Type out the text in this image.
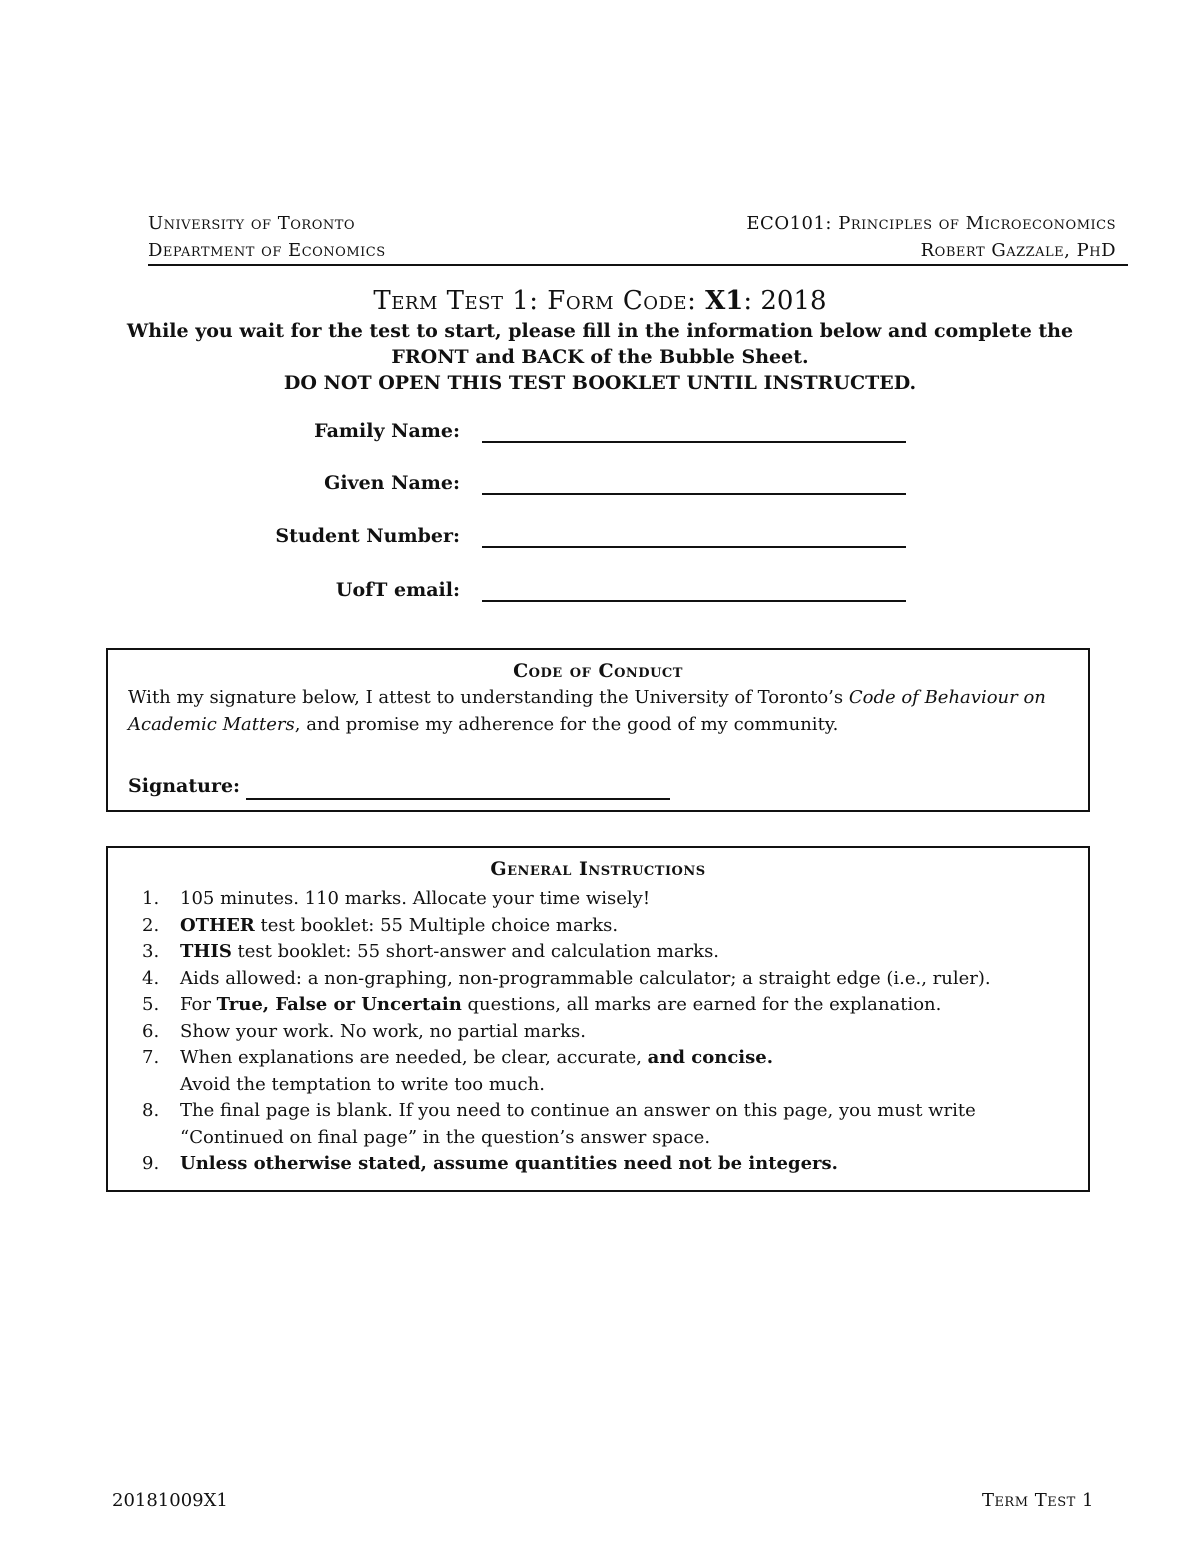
University of Toronto	ECO101: Principles of Microeconomics
Department of Economics	Robert Gazzale, PhD
Term Test 1: Form Code: X1: 2018
While you wait for the test to start, please fill in the information below and complete the
FRONT and BACK of the Bubble Sheet.
DO NOT OPEN THIS TEST BOOKLET UNTIL INSTRUCTED.
Family Name:
Given Name:
Student Number:
UofT email:
Code of Conduct
With my signature below, I attest to understanding the University of Toronto’s Code of Behaviour on Academic Matters, and promise my adherence for the good of my community.
Signature:
General Instructions
1. 105 minutes. 110 marks. Allocate your time wisely!
2. OTHER test booklet: 55 Multiple choice marks.
3. THIS test booklet: 55 short-answer and calculation marks.
4. Aids allowed: a non-graphing, non-programmable calculator; a straight edge (i.e., ruler).
5. For True, False or Uncertain questions, all marks are earned for the explanation.
6. Show your work. No work, no partial marks.
7. When explanations are needed, be clear, accurate, and concise.
Avoid the temptation to write too much.
8. The final page is blank. If you need to continue an answer on this page, you must write
“Continued on final page” in the question’s answer space.
9. Unless otherwise stated, assume quantities need not be integers.
20181009X1	Term Test 1
